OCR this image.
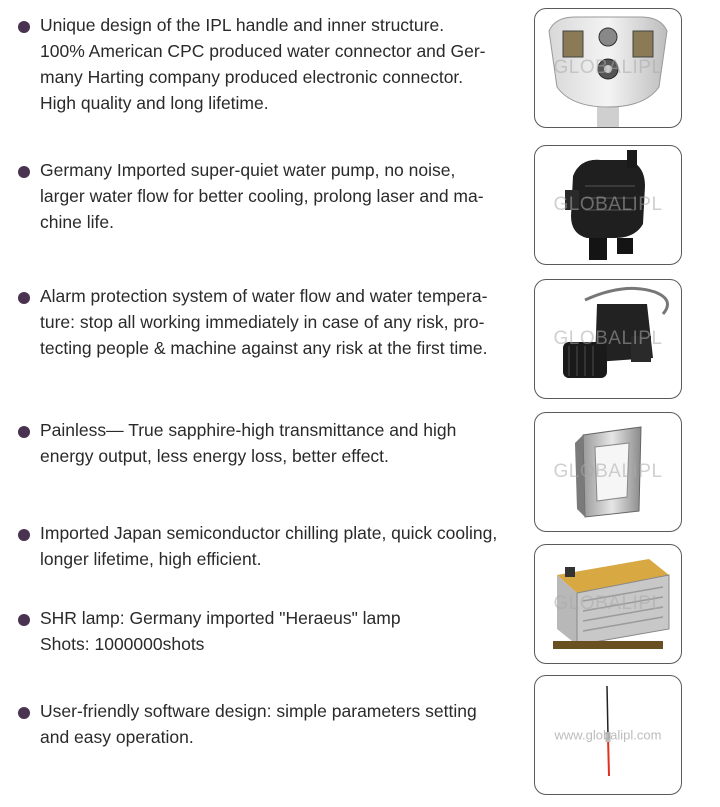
Unique design of the IPL handle and inner structure.
100% American CPC produced water connector and Ger-
many Harting company produced electronic connector.
High quality and long lifetime.
Germany Imported super-quiet water pump, no noise,
larger water flow for better cooling, prolong laser and ma-
chine life.
Alarm protection system of water flow and water tempera-
ture: stop all working immediately in case of any risk, pro-
tecting people & machine against any risk at the first time.
Painless— True sapphire-high transmittance and high
energy output, less energy loss, better effect.
Imported Japan semiconductor chilling plate, quick cooling,
longer lifetime, high efficient.
SHR lamp: Germany imported "Heraeus" lamp
Shots: 1000000shots
User-friendly software design: simple parameters setting
and easy operation.
GLOBALIPL
GLOBALIPL
GLOBALIPL
GLOBALIPL
GLOBALIPL
www.globalipl.com
